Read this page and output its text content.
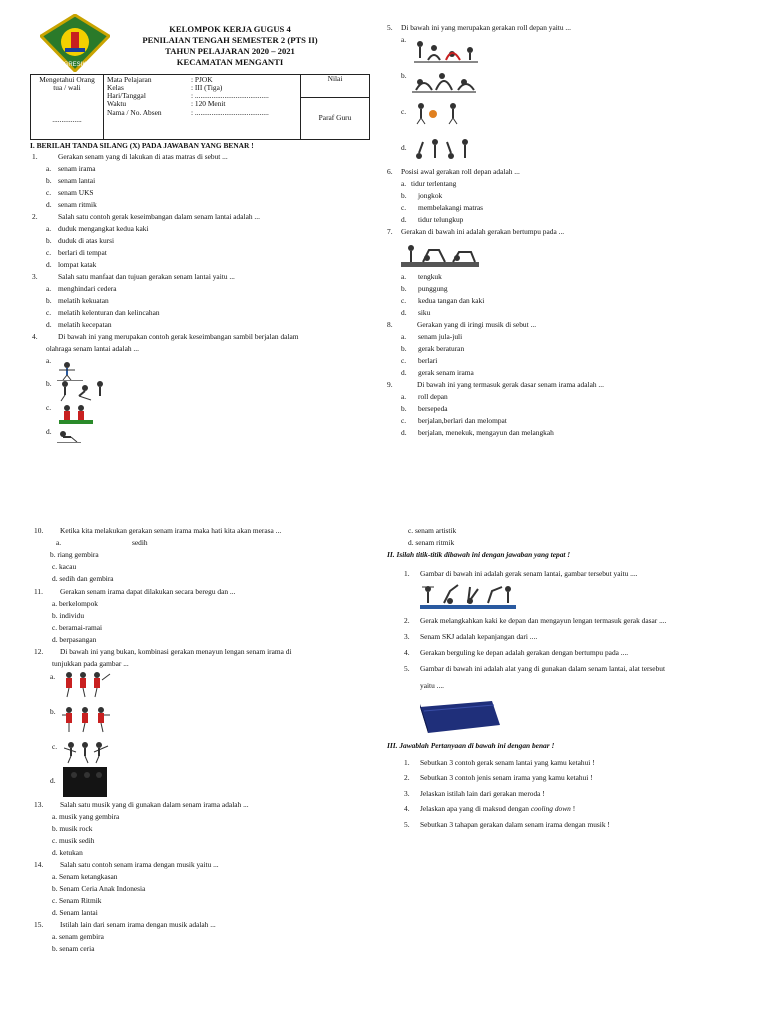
GRESIK
KELOMPOK KERJA GUGUS 4
PENILAIAN TENGAH SEMESTER 2 (PTS II)
TAHUN PELAJARAN 2020 – 2021
KECAMATAN MENGANTI
Mengetahui Orang tua / wali
................

Mata Pelajaran	: PJOK
Kelas	: III (Tiga)
Hari/Tanggal	: ........................................
Waktu	: 120 Menit
Nama / No. Absen	: ........................................

Nilai
Paraf Guru
I. BERILAH TANDA SILANG (X) PADA JAWABAN YANG BENAR !
1.	Gerakan senam yang di lakukan di atas matras di sebut ...
a. senam irama
b. senam lantai
c. senam UKS
d. senam ritmik
2.	Salah satu contoh gerak keseimbangan dalam senam lantai adalah ...
a. duduk mengangkat kedua kaki
b. duduk di atas kursi
c. berlari di tempat
d. lompat katak
3.	Salah satu manfaat dan tujuan gerakan senam lantai yaitu ...
a. menghindari cedera
b. melatih kekuatan
c. melatih kelenturan dan kelincahan
d. melatih kecepatan
4.	Di bawah ini yang merupakan contoh gerak keseimbangan sambil berjalan dalam
olahraga senam lantai adalah ...
a.
b.
c.
d.
5. Di bawah ini yang merupakan gerakan roll depan yaitu ...
a.
b.
c.
d.
6. Posisi awal gerakan roll depan adalah ...
a. tidur terlentang
b. jongkok
c. membelakangi matras
d. tidur telungkup
7. Gerakan di bawah ini adalah gerakan bertumpu pada ...
a. tengkuk
b. punggung
c. kedua tangan dan kaki
d. siku
8.	Gerakan yang di iringi musik di sebut ...
a. senam jula-juli
b. gerak beraturan
c. berlari
d. gerak senam irama
9.	Di bawah ini yang termasuk gerak dasar senam irama adalah ...
a. roll depan
b. bersepeda
c. berjalan,berlari dan melompat
d. berjalan, menekuk, mengayun dan melangkah
10. Ketika kita melakukan gerakan senam irama maka hati kita akan merasa ...
a.	sedih
b. riang gembira
c. kacau
d. sedih dan gembira
11. Gerakan senam irama dapat dilakukan secara beregu dan ...
a. berkelompok
b. individu
c. beramai-ramai
d. berpasangan
12. Di bawah ini yang bukan, kombinasi gerakan menayun lengan senam irama di
tunjukkan pada gambar ...
a.
b.
c.
d.
13. Salah satu musik yang di gunakan dalam senam irama adalah ...
a. musik yang gembira
b. musik rock
c. musik sedih
d. ketukan
14. Salah satu contoh senam irama dengan musik yaitu ...
a. Senam ketangkasan
b. Senam Ceria Anak Indonesia
c. Senam Ritmik
d. Senam lantai
15. Istilah lain dari senam irama dengan musik adalah ...
a. senam gembira
b. senam ceria
c. senam artistik
d. senam ritmik
II. Isilah titik-titik dibawah ini dengan jawaban yang tepat !
1. Gambar di bawah ini adalah gerak senam lantai, gambar tersebut yaitu ....
2. Gerak melangkahkan kaki ke depan dan mengayun lengan termasuk gerak dasar ....
3. Senam SKJ adalah kepanjangan dari ....
4. Gerakan berguling ke depan adalah gerakan dengan bertumpu pada ....
5. Gambar di bawah ini adalah alat yang di gunakan dalam senam lantai, alat tersebut
yaitu ....
III. Jawablah Pertanyaan di bawah ini dengan benar !
1. Sebutkan 3 contoh gerak senam lantai yang kamu ketahui !
2. Sebutkan 3 contoh jenis senam irama yang kamu ketahui !
3. Jelaskan istilah lain dari gerakan meroda !
4. Jelaskan apa yang di maksud dengan cooling down !
5. Sebutkan 3 tahapan gerakan dalam senam irama dengan musik !
